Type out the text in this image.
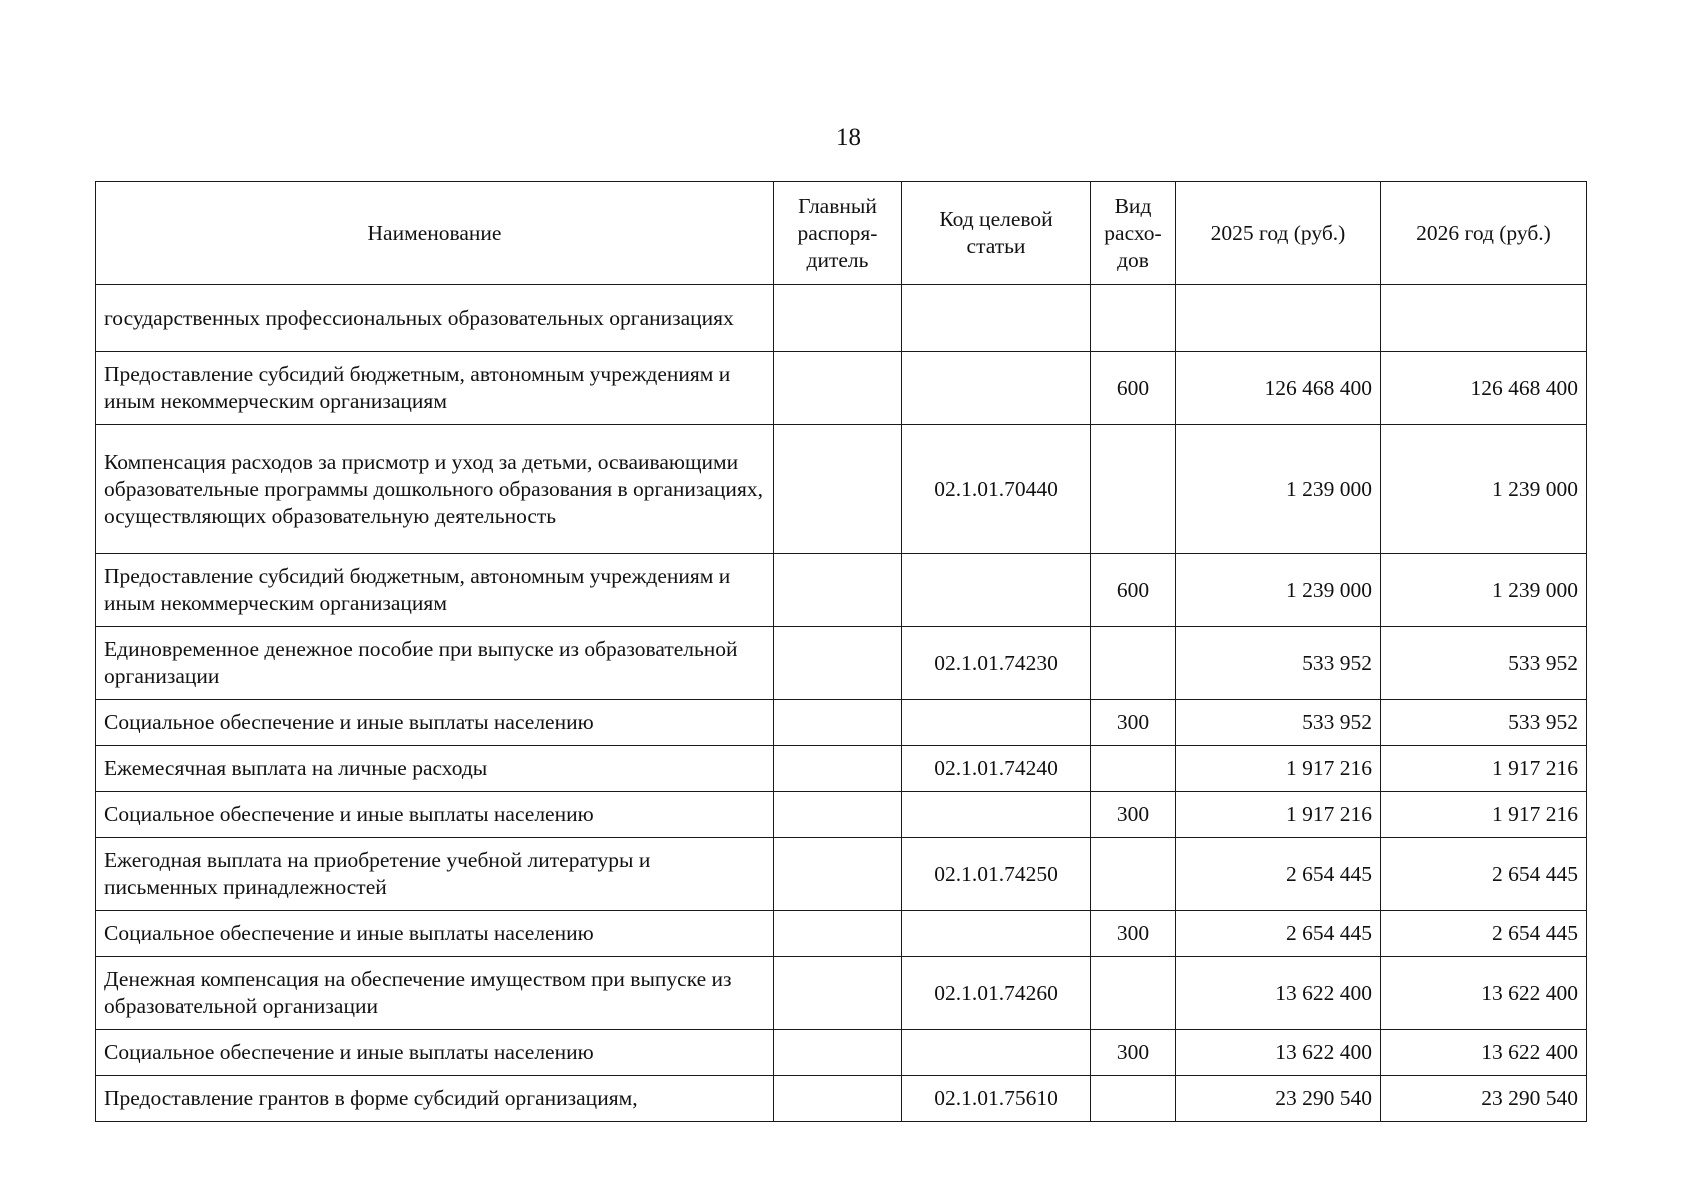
18
Наименование	Главный распоря-дитель	Код целевой статьи	Вид расхо-дов	2025 год (руб.)	2026 год (руб.)
государственных профессиональных образовательных организациях					
Предоставление субсидий бюджетным, автономным учреждениям и иным некоммерческим организациям			600	126 468 400	126 468 400
Компенсация расходов за присмотр и уход за детьми, осваивающими образовательные программы дошкольного образования в организациях, осуществляющих образовательную деятельность		02.1.01.70440		1 239 000	1 239 000
Предоставление субсидий бюджетным, автономным учреждениям и иным некоммерческим организациям			600	1 239 000	1 239 000
Единовременное денежное пособие при выпуске из образовательной организации		02.1.01.74230		533 952	533 952
Социальное обеспечение и иные выплаты населению			300	533 952	533 952
Ежемесячная выплата на личные расходы		02.1.01.74240		1 917 216	1 917 216
Социальное обеспечение и иные выплаты населению			300	1 917 216	1 917 216
Ежегодная выплата на приобретение учебной литературы и письменных принадлежностей		02.1.01.74250		2 654 445	2 654 445
Социальное обеспечение и иные выплаты населению			300	2 654 445	2 654 445
Денежная компенсация на обеспечение имуществом при выпуске из образовательной организации		02.1.01.74260		13 622 400	13 622 400
Социальное обеспечение и иные выплаты населению			300	13 622 400	13 622 400
Предоставление грантов в форме субсидий организациям,		02.1.01.75610		23 290 540	23 290 540
